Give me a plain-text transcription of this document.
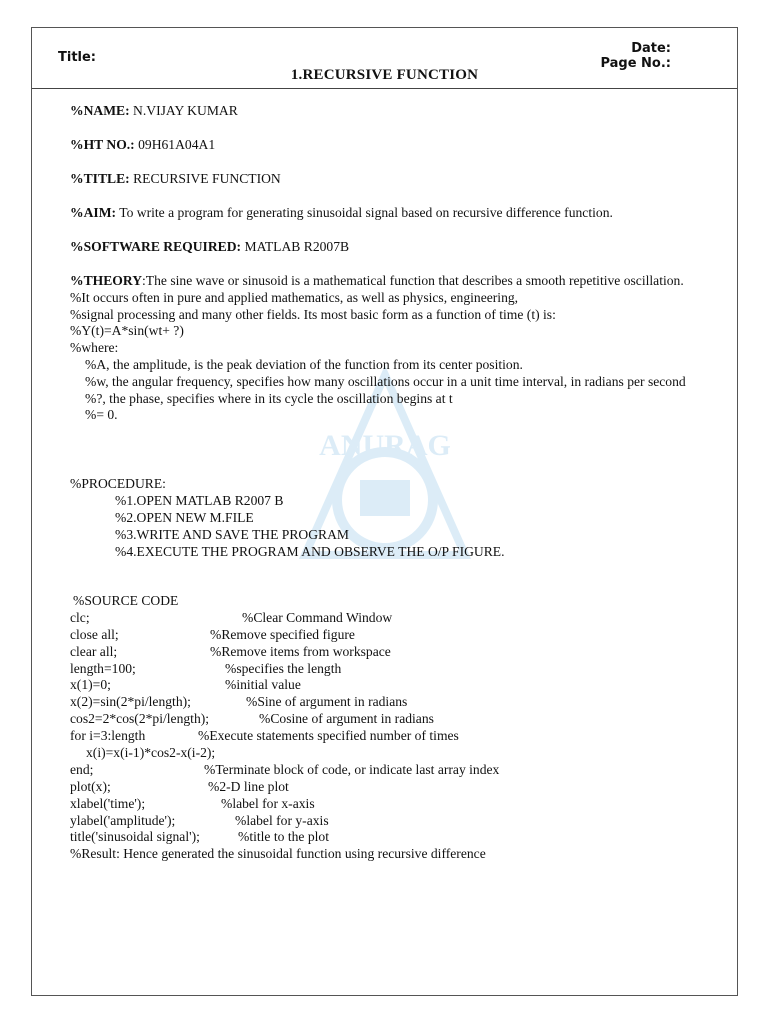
Title:
Date:
Page No.:
1.RECURSIVE FUNCTION
ANURAG
%NAME: N.VIJAY KUMAR
%HT NO.: 09H61A04A1
%TITLE: RECURSIVE FUNCTION
%AIM: To write a program for generating sinusoidal signal based on recursive difference function.
%SOFTWARE REQUIRED: MATLAB R2007B
%THEORY:The sine wave or sinusoid is a mathematical function that describes a smooth repetitive oscillation.
%It occurs often in pure and applied mathematics, as well as physics, engineering,
%signal processing and many other fields. Its most basic form as a function of time (t) is:
%Y(t)=A*sin(wt+ ?)
%where:
%A, the amplitude, is the peak deviation of the function from its center position.
%w, the angular frequency, specifies how many oscillations occur in a unit time interval, in radians per second
%?, the phase, specifies where in its cycle the oscillation begins at t
%= 0.
%PROCEDURE:
%1.OPEN MATLAB R2007 B
%2.OPEN NEW M.FILE
%3.WRITE AND SAVE THE PROGRAM
%4.EXECUTE THE PROGRAM AND OBSERVE THE O/P FIGURE.
%SOURCE CODE
clc;	%Clear Command Window
close all;	%Remove specified figure
clear all;	%Remove items from workspace
length=100;	%specifies the length
x(1)=0;	%initial value
x(2)=sin(2*pi/length);	%Sine of argument in radians
cos2=2*cos(2*pi/length);	%Cosine of argument in radians
for i=3:length	%Execute statements specified number of times
x(i)=x(i-1)*cos2-x(i-2);
end;	%Terminate block of code, or indicate last array index
plot(x);	%2-D line plot
xlabel('time');	%label for x-axis
ylabel('amplitude');	%label for y-axis
title('sinusoidal signal');	%title to the plot
%Result: Hence generated the sinusoidal function using recursive difference
